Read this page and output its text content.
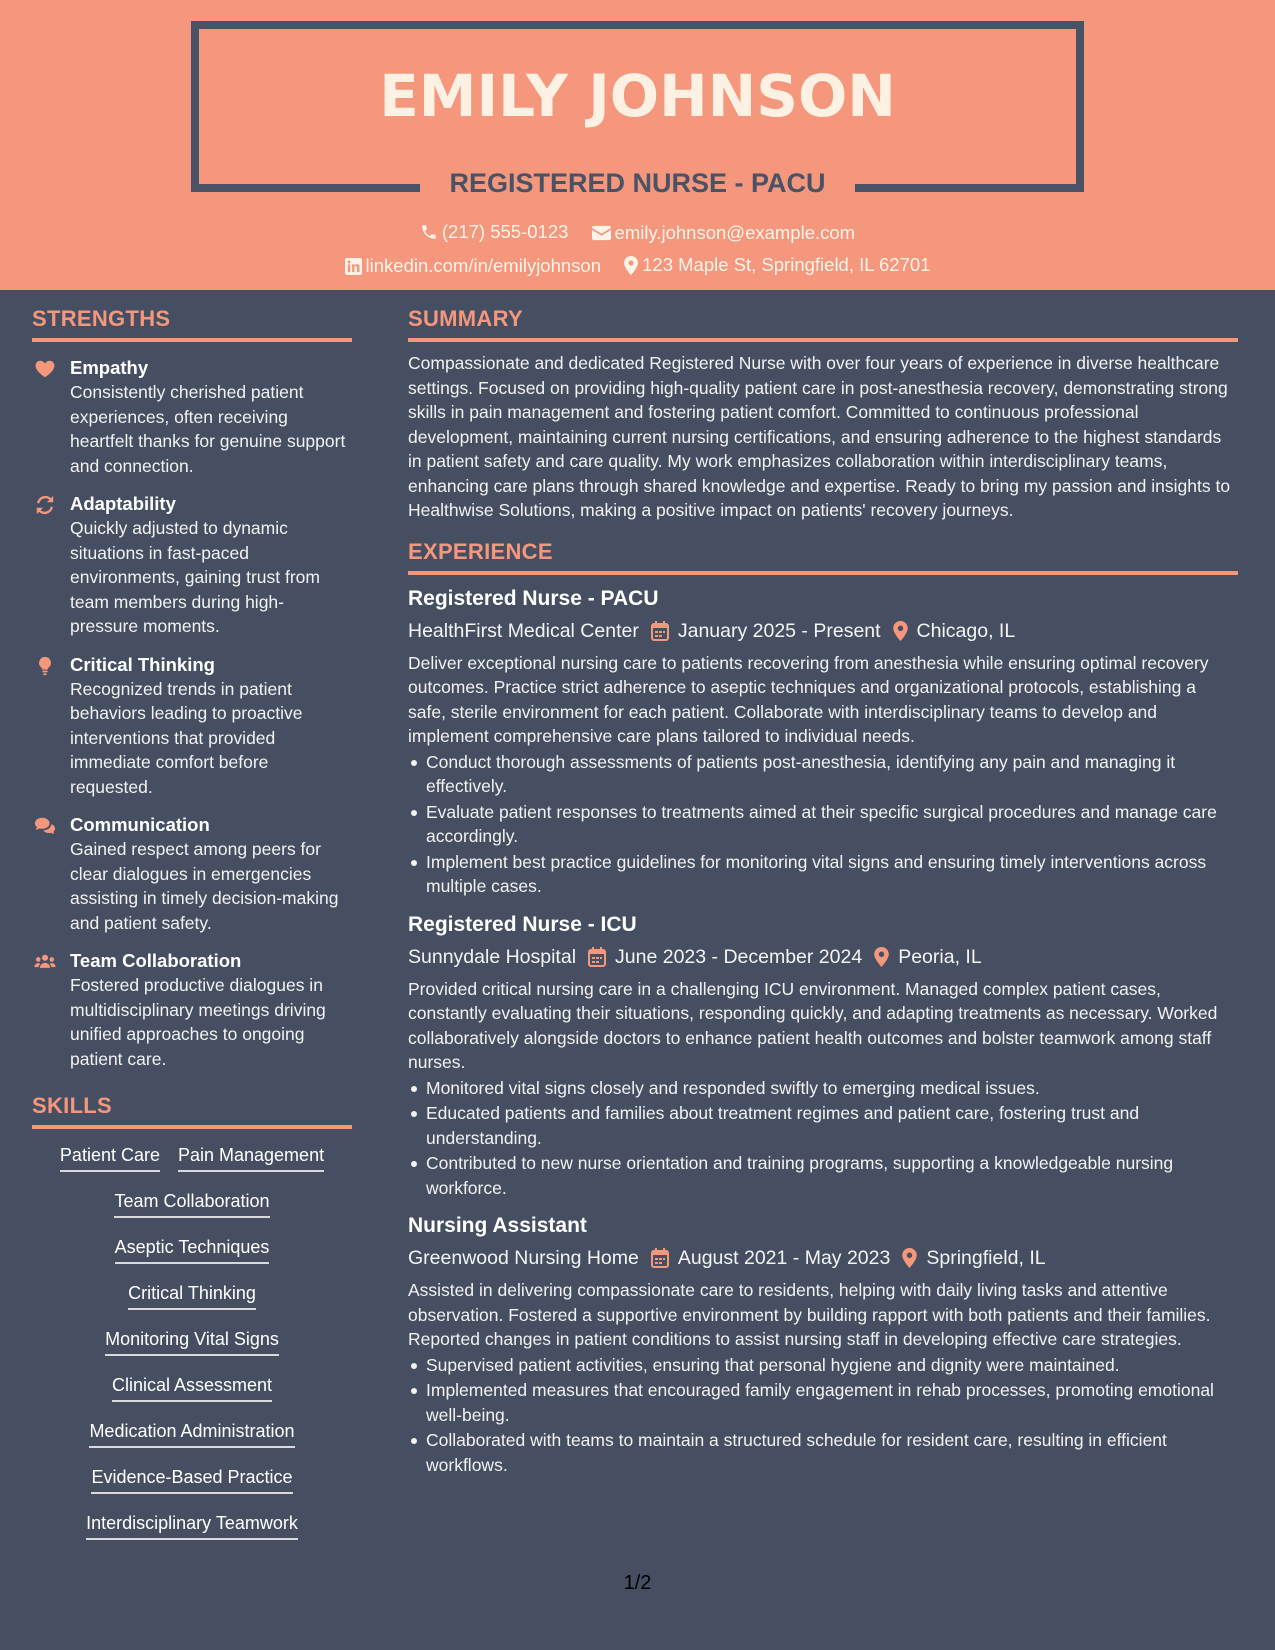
EMILY JOHNSON
REGISTERED NURSE - PACU
(217) 555-0123
emily.johnson@example.com
linkedin.com/in/emilyjohnson
123 Maple St, Springfield, IL 62701
STRENGTHS
Empathy
Consistently cherished patient experiences, often receiving heartfelt thanks for genuine support and connection.
Adaptability
Quickly adjusted to dynamic situations in fast-paced environments, gaining trust from team members during high-pressure moments.
Critical Thinking
Recognized trends in patient behaviors leading to proactive interventions that provided immediate comfort before requested.
Communication
Gained respect among peers for clear dialogues in emergencies assisting in timely decision-making and patient safety.
Team Collaboration
Fostered productive dialogues in multidisciplinary meetings driving unified approaches to ongoing patient care.
SKILLS
Patient Care Pain Management
Team Collaboration
Aseptic Techniques
Critical Thinking
Monitoring Vital Signs
Clinical Assessment
Medication Administration
Evidence-Based Practice
Interdisciplinary Teamwork
SUMMARY
Compassionate and dedicated Registered Nurse with over four years of experience in diverse healthcare settings. Focused on providing high-quality patient care in post-anesthesia recovery, demonstrating strong skills in pain management and fostering patient comfort. Committed to continuous professional development, maintaining current nursing certifications, and ensuring adherence to the highest standards in patient safety and care quality. My work emphasizes collaboration within interdisciplinary teams, enhancing care plans through shared knowledge and expertise. Ready to bring my passion and insights to Healthwise Solutions, making a positive impact on patients' recovery journeys.
EXPERIENCE
Registered Nurse - PACU
HealthFirst Medical Center January 2025 - Present Chicago, IL
Deliver exceptional nursing care to patients recovering from anesthesia while ensuring optimal recovery outcomes. Practice strict adherence to aseptic techniques and organizational protocols, establishing a safe, sterile environment for each patient. Collaborate with interdisciplinary teams to develop and implement comprehensive care plans tailored to individual needs.
Conduct thorough assessments of patients post-anesthesia, identifying any pain and managing it effectively.
Evaluate patient responses to treatments aimed at their specific surgical procedures and manage care accordingly.
Implement best practice guidelines for monitoring vital signs and ensuring timely interventions across multiple cases.
Registered Nurse - ICU
Sunnydale Hospital June 2023 - December 2024 Peoria, IL
Provided critical nursing care in a challenging ICU environment. Managed complex patient cases, constantly evaluating their situations, responding quickly, and adapting treatments as necessary. Worked collaboratively alongside doctors to enhance patient health outcomes and bolster teamwork among staff nurses.
Monitored vital signs closely and responded swiftly to emerging medical issues.
Educated patients and families about treatment regimes and patient care, fostering trust and understanding.
Contributed to new nurse orientation and training programs, supporting a knowledgeable nursing workforce.
Nursing Assistant
Greenwood Nursing Home August 2021 - May 2023 Springfield, IL
Assisted in delivering compassionate care to residents, helping with daily living tasks and attentive observation. Fostered a supportive environment by building rapport with both patients and their families. Reported changes in patient conditions to assist nursing staff in developing effective care strategies.
Supervised patient activities, ensuring that personal hygiene and dignity were maintained.
Implemented measures that encouraged family engagement in rehab processes, promoting emotional well-being.
Collaborated with teams to maintain a structured schedule for resident care, resulting in efficient workflows.
1/2
